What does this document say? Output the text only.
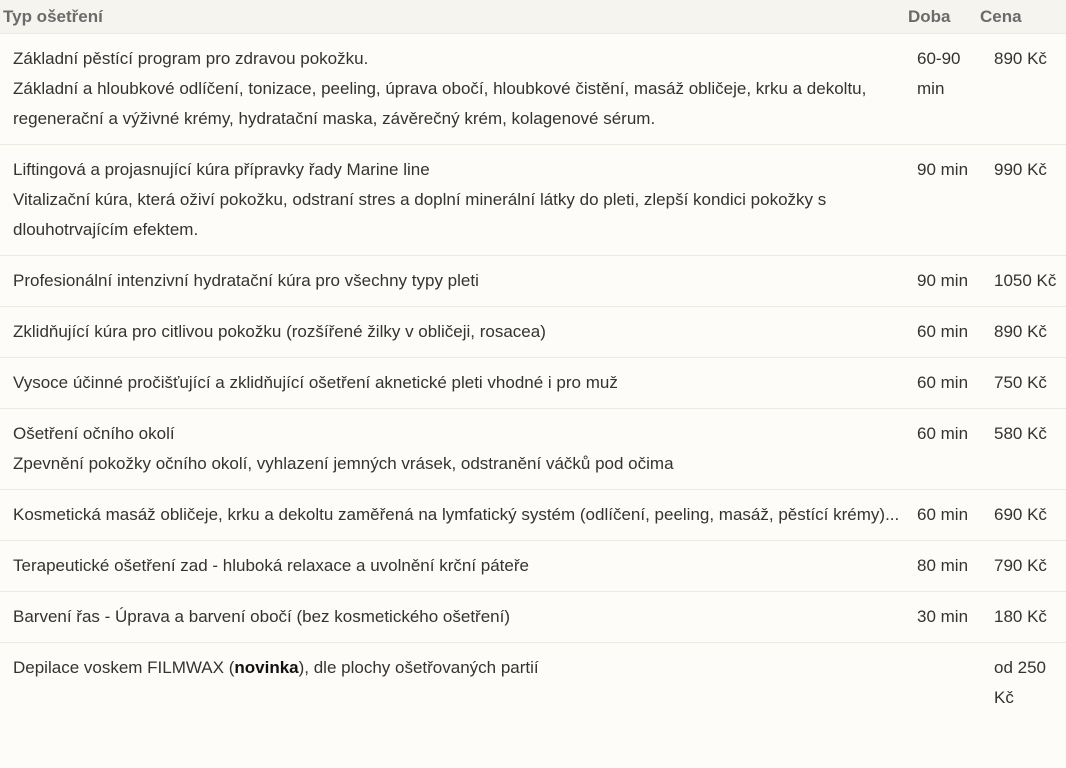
Typ ošetření	Doba	Cena

Základní pěstící program pro zdravou pokožku.
Základní a hloubkové odlíčení, tonizace, peeling, úprava obočí, hloubkové čistění, masáž obličeje, krku a dekoltu, regenerační a výživné krémy, hydratační maska, závěrečný krém, kolagenové sérum.	60-90 min	890 Kč

Liftingová a projasnující kúra přípravky řady Marine line
Vitalizační kúra, která oživí pokožku, odstraní stres a doplní minerální látky do pleti, zlepší kondici pokožky s dlouhotrvajícím efektem.	90 min	990 Kč

Profesionální intenzivní hydratační kúra pro všechny typy pleti	90 min	1050 Kč

Zklidňující kúra pro citlivou pokožku (rozšířené žilky v obličeji, rosacea)	60 min	890 Kč

Vysoce účinné pročišťující a zklidňující ošetření aknetické pleti vhodné i pro muž	60 min	750 Kč

Ošetření očního okolí
Zpevnění pokožky očního okolí, vyhlazení jemných vrásek, odstranění váčků pod očima	60 min	580 Kč

Kosmetická masáž obličeje, krku a dekoltu zaměřená na lymfatický systém (odlíčení, peeling, masáž, pěstící krémy)...	60 min	690 Kč

Terapeutické ošetření zad - hluboká relaxace a uvolnění krční páteře	80 min	790 Kč

Barvení řas - Úprava a barvení obočí (bez kosmetického ošetření)	30 min	180 Kč

Depilace voskem FILMWAX (novinka), dle plochy ošetřovaných partií		od 250 Kč
